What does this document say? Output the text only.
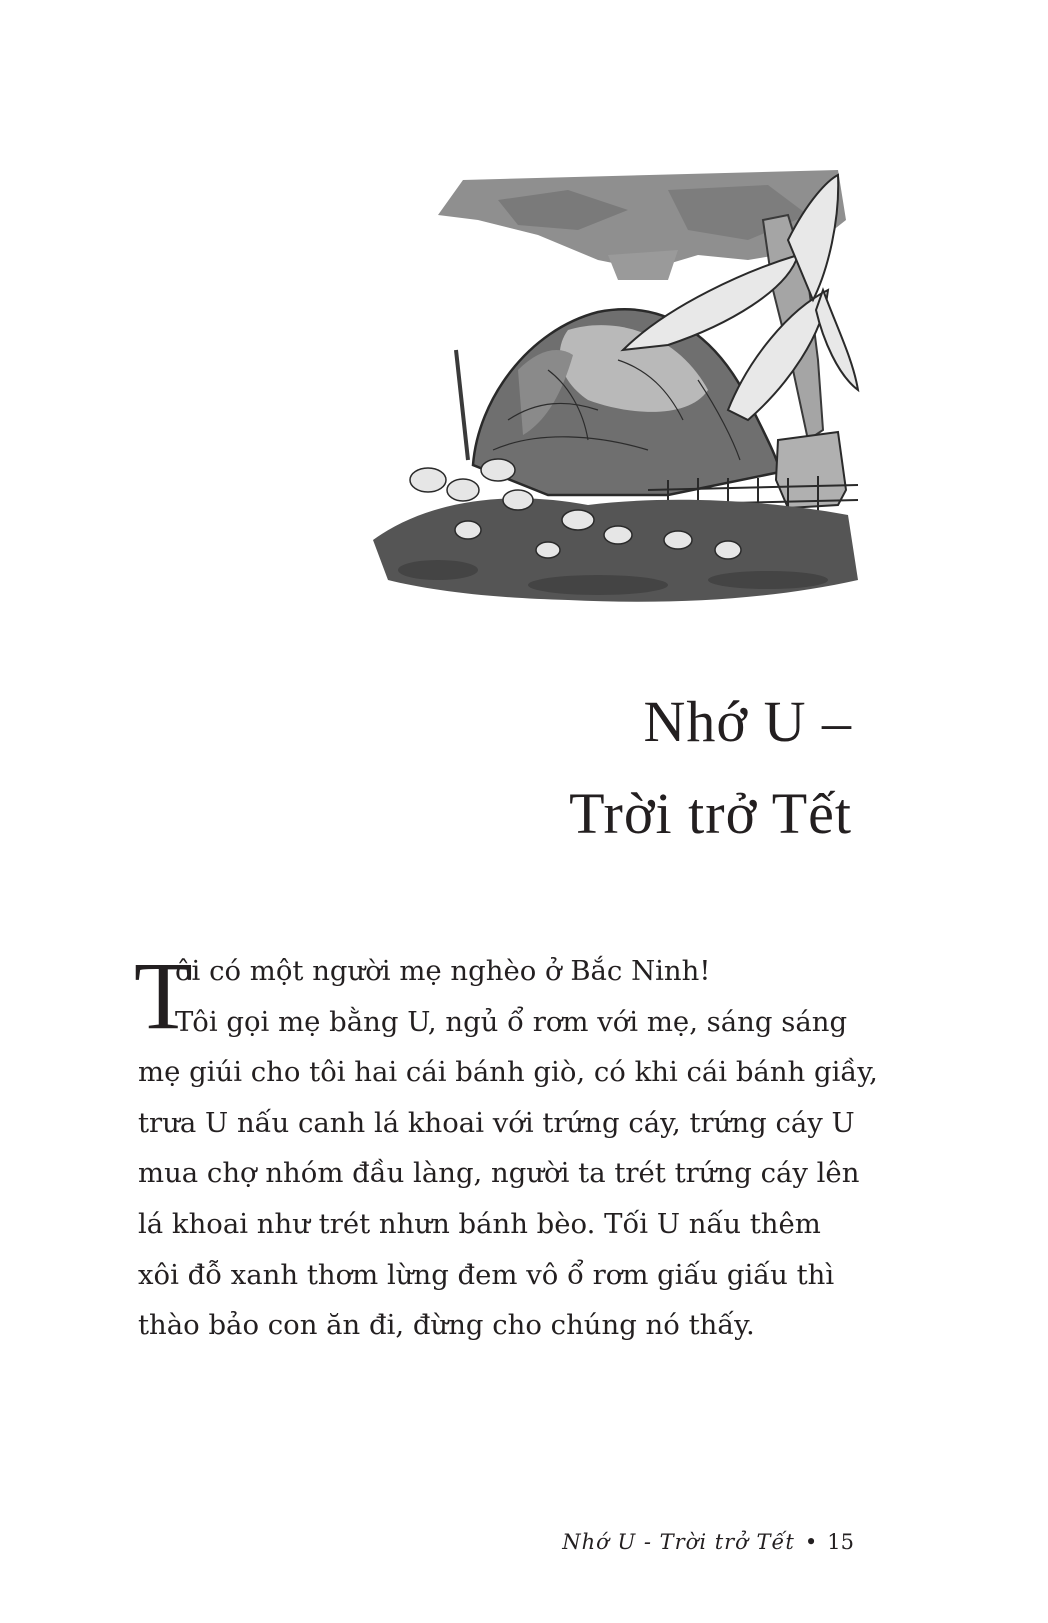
Nhớ U –
Trời trở Tết
T
ôi có một người mẹ nghèo ở Bắc Ninh!
Tôi gọi mẹ bằng U, ngủ ổ rơm với mẹ, sáng sáng
mẹ giúi cho tôi hai cái bánh giò, có khi cái bánh giầy,
trưa U nấu canh lá khoai với trứng cáy, trứng cáy U
mua chợ nhóm đầu làng, người ta trét trứng cáy lên
lá khoai như trét nhưn bánh bèo. Tối U nấu thêm
xôi đỗ xanh thơm lừng đem vô ổ rơm giấu giấu thì
thào bảo con ăn đi, đừng cho chúng nó thấy.
Nhớ U - Trời trở Tết • 15
